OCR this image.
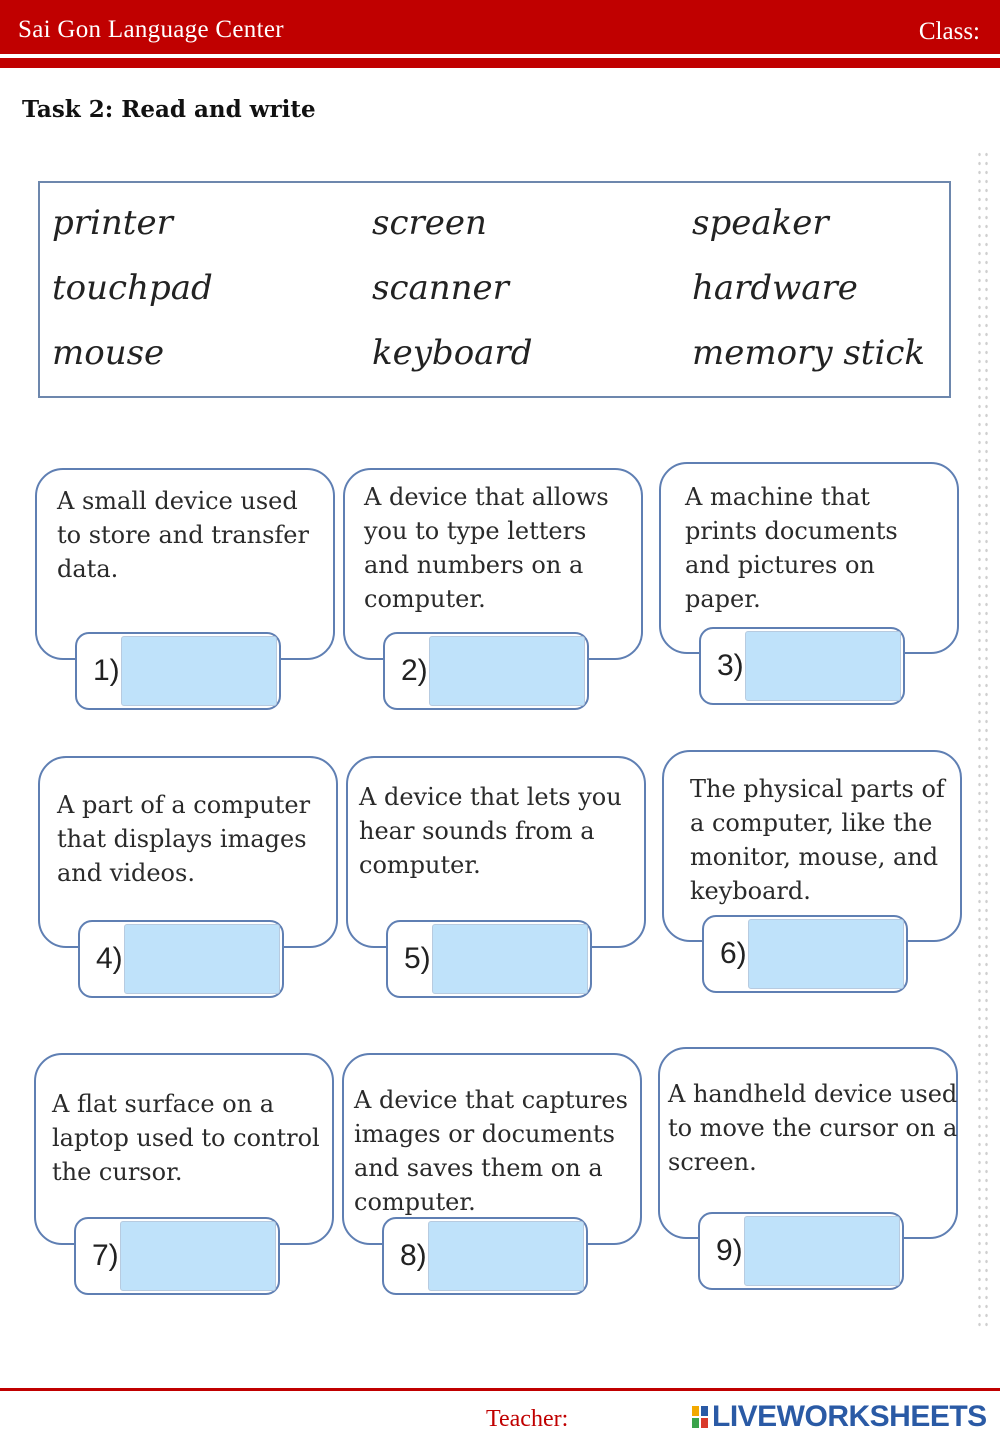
Sai Gon Language Center	Class:
Task 2: Read and write
printer	screen	speaker
touchpad	scanner	hardware
mouse	keyboard	memory stick
A small device used
to store and transfer
data.
1)
A device that allows
you to type letters
and numbers on a
computer.
2)
A machine that
prints documents
and pictures on
paper.
3)
A part of a computer
that displays images
and videos.
4)
A device that lets you
hear sounds from a
computer.
5)
The physical parts of
a computer, like the
monitor, mouse, and
keyboard.
6)
A flat surface on a
laptop used to control
the cursor.
7)
A device that captures
images or documents
and saves them on a
computer.
8)
A handheld device used
to move the cursor on a
screen.
9)
Teacher:	LIVEWORKSHEETS
